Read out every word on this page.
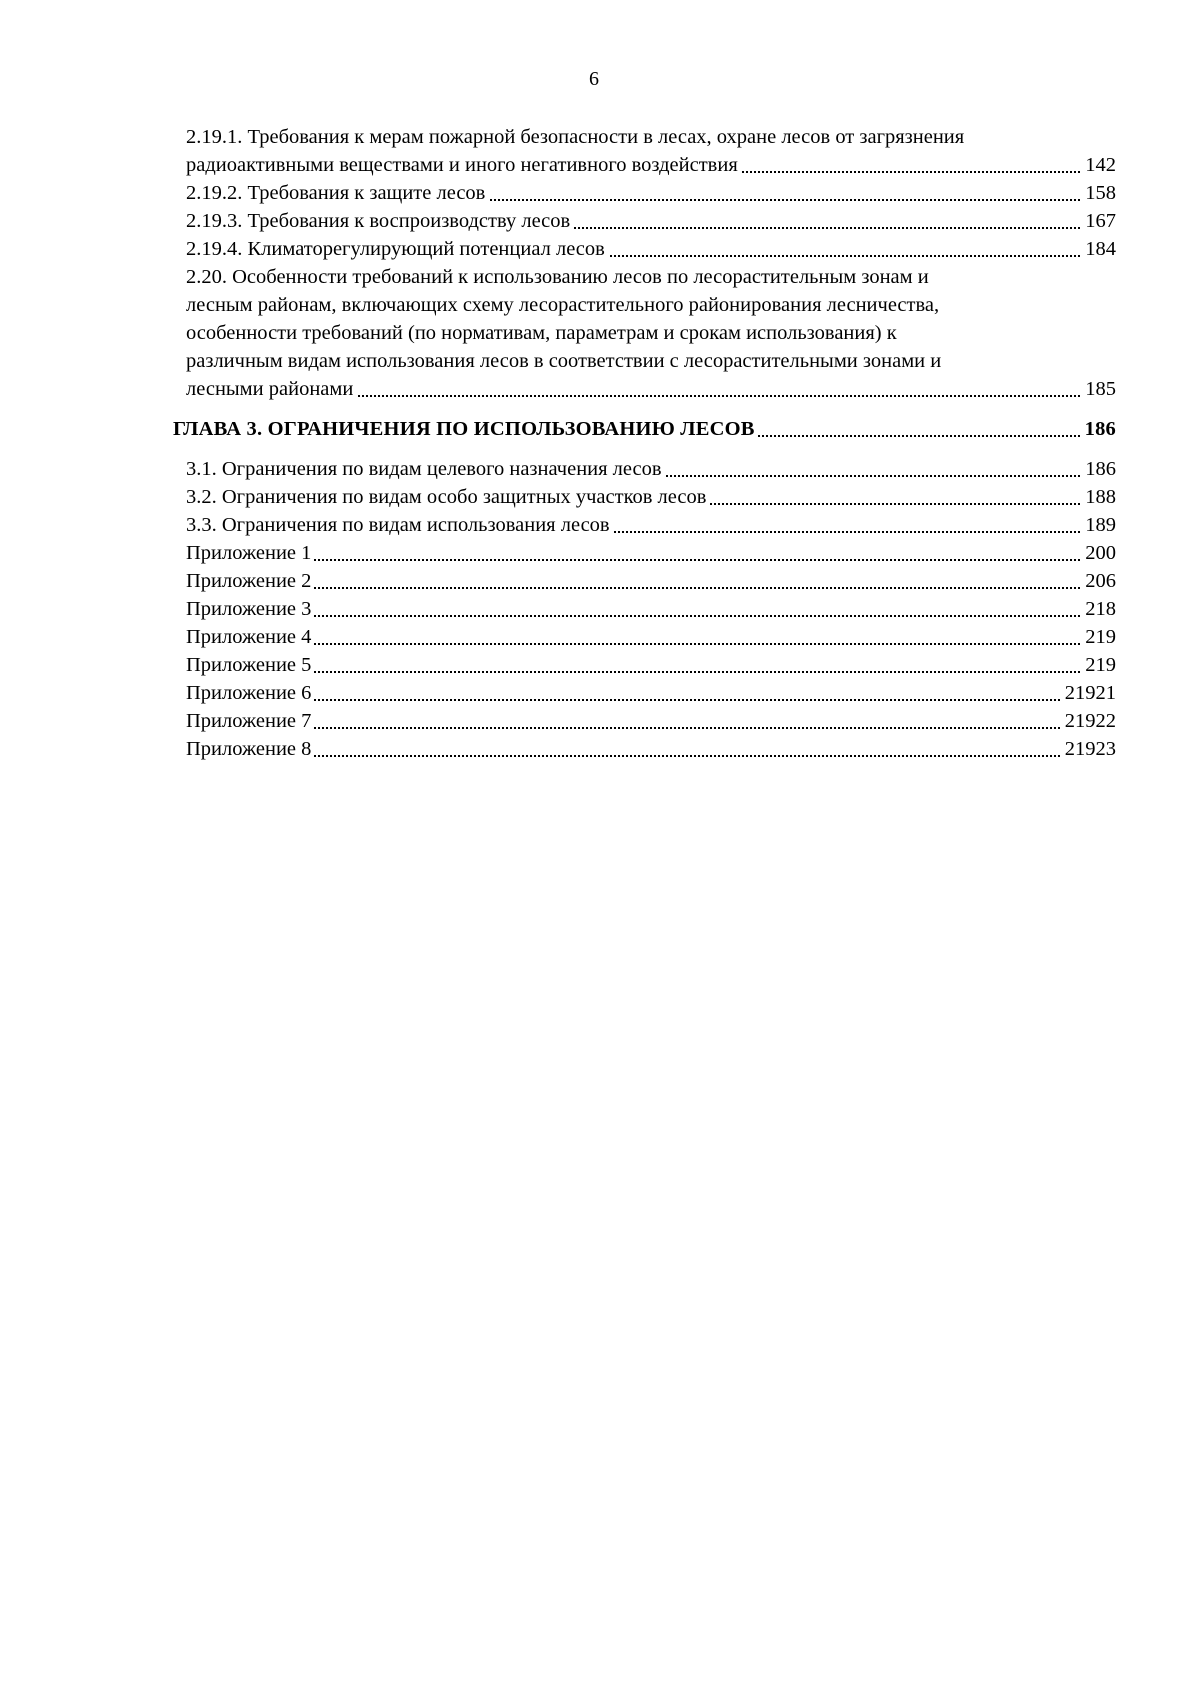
6
2.19.1. Требования к мерам пожарной безопасности в лесах, охране лесов от загрязнения
радиоактивными веществами и иного негативного воздействия	142
2.19.2. Требования к защите лесов	158
2.19.3. Требования к воспроизводству лесов	167
2.19.4. Климаторегулирующий потенциал лесов	184
2.20. Особенности требований к использованию лесов по лесорастительным зонам и
лесным районам, включающих схему лесорастительного районирования лесничества,
особенности требований (по нормативам, параметрам и срокам использования) к
различным видам использования лесов в соответствии с лесорастительными зонами и
лесными районами	185
ГЛАВА 3. ОГРАНИЧЕНИЯ ПО ИСПОЛЬЗОВАНИЮ ЛЕСОВ	186
3.1. Ограничения по видам целевого назначения лесов	186
3.2. Ограничения по видам особо защитных участков лесов	188
3.3. Ограничения по видам использования лесов	189
Приложение 1	200
Приложение 2	206
Приложение 3	218
Приложение 4	219
Приложение 5	219
Приложение 6	21921
Приложение 7	21922
Приложение 8	21923
